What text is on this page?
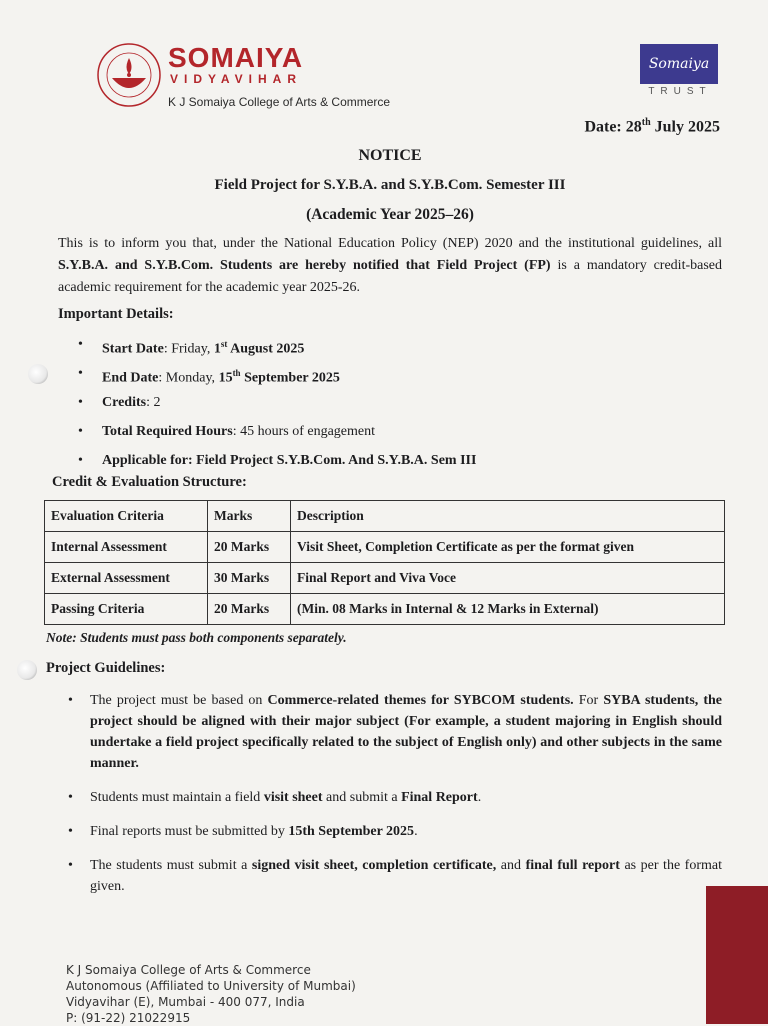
SOMAIYA
VIDYAVIHAR
K J Somaiya College of Arts & Commerce
Somaiya
TRUST
Date: 28th July 2025
NOTICE
Field Project for S.Y.B.A. and S.Y.B.Com. Semester III
(Academic Year 2025–26)
This is to inform you that, under the National Education Policy (NEP) 2020 and the institutional guidelines, all S.Y.B.A. and S.Y.B.Com. Students are hereby notified that Field Project (FP) is a mandatory credit-based academic requirement for the academic year 2025-26.
Important Details:
• Start Date: Friday, 1st August 2025
• End Date: Monday, 15th September 2025
• Credits: 2
• Total Required Hours: 45 hours of engagement
• Applicable for: Field Project S.Y.B.Com. And S.Y.B.A. Sem III
Credit & Evaluation Structure:
Evaluation Criteria	Marks	Description
Internal Assessment	20 Marks	Visit Sheet, Completion Certificate as per the format given
External Assessment	30 Marks	Final Report and Viva Voce
Passing Criteria	20 Marks	(Min. 08 Marks in Internal & 12 Marks in External)
Note: Students must pass both components separately.
Project Guidelines:
• The project must be based on Commerce-related themes for SYBCOM students. For SYBA students, the project should be aligned with their major subject (For example, a student majoring in English should undertake a field project specifically related to the subject of English only) and other subjects in the same manner.
• Students must maintain a field visit sheet and submit a Final Report.
• Final reports must be submitted by 15th September 2025.
• The students must submit a signed visit sheet, completion certificate, and final full report as per the format given.
K J Somaiya College of Arts & Commerce
Autonomous (Affiliated to University of Mumbai)
Vidyavihar (E), Mumbai - 400 077, India
P: (91-22) 21022915
